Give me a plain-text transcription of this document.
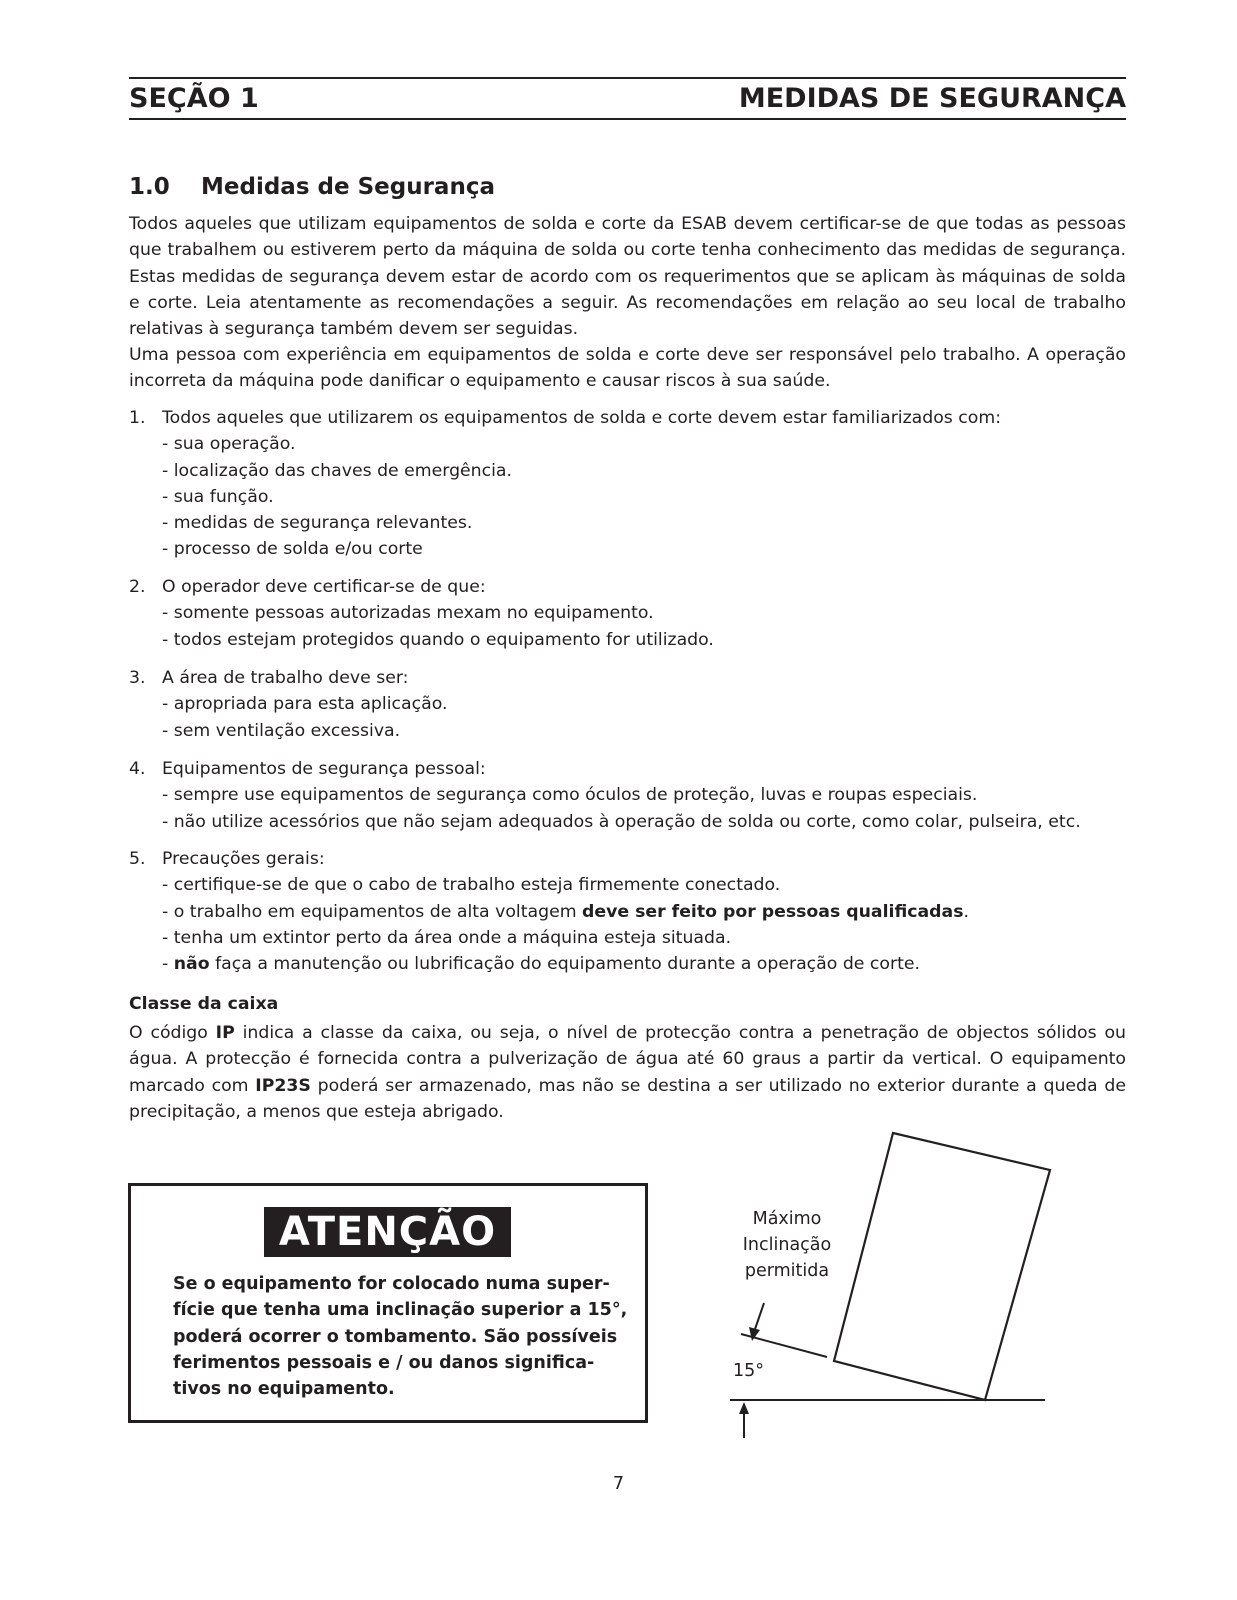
SEÇÃO 1	MEDIDAS DE SEGURANÇA
1.0 Medidas de Segurança
Todos aqueles que utilizam equipamentos de solda e corte da ESAB devem certificar-se de que todas as pessoas que trabalhem ou estiverem perto da máquina de solda ou corte tenha conhecimento das medidas de segurança. Estas medidas de segurança devem estar de acordo com os requerimentos que se aplicam às máquinas de solda e corte. Leia atentamente as recomendações a seguir. As recomendações em relação ao seu local de trabalho relativas à segurança também devem ser seguidas.
Uma pessoa com experiência em equipamentos de solda e corte deve ser responsável pelo trabalho. A operação incorreta da máquina pode danificar o equipamento e causar riscos à sua saúde.
1. Todos aqueles que utilizarem os equipamentos de solda e corte devem estar familiarizados com:
- sua operação.
- localização das chaves de emergência.
- sua função.
- medidas de segurança relevantes.
- processo de solda e/ou corte
2. O operador deve certificar-se de que:
- somente pessoas autorizadas mexam no equipamento.
- todos estejam protegidos quando o equipamento for utilizado.
3. A área de trabalho deve ser:
- apropriada para esta aplicação.
- sem ventilação excessiva.
4. Equipamentos de segurança pessoal:
- sempre use equipamentos de segurança como óculos de proteção, luvas e roupas especiais.
- não utilize acessórios que não sejam adequados à operação de solda ou corte, como colar, pulseira, etc.
5. Precauções gerais:
- certifique-se de que o cabo de trabalho esteja firmemente conectado.
- o trabalho em equipamentos de alta voltagem deve ser feito por pessoas qualificadas.
- tenha um extintor perto da área onde a máquina esteja situada.
- não faça a manutenção ou lubrificação do equipamento durante a operação de corte.
Classe da caixa
O código IP indica a classe da caixa, ou seja, o nível de protecção contra a penetração de objectos sólidos ou água. A protecção é fornecida contra a pulverização de água até 60 graus a partir da vertical. O equipamento marcado com IP23S poderá ser armazenado, mas não se destina a ser utilizado no exterior durante a queda de precipitação, a menos que esteja abrigado.
ATENÇÃO
Se o equipamento for colocado numa super-
fície que tenha uma inclinação superior a 15°,
poderá ocorrer o tombamento. São possíveis
ferimentos pessoais e / ou danos significa-
tivos no equipamento.
Máximo
Inclinação
permitida
15°
7
